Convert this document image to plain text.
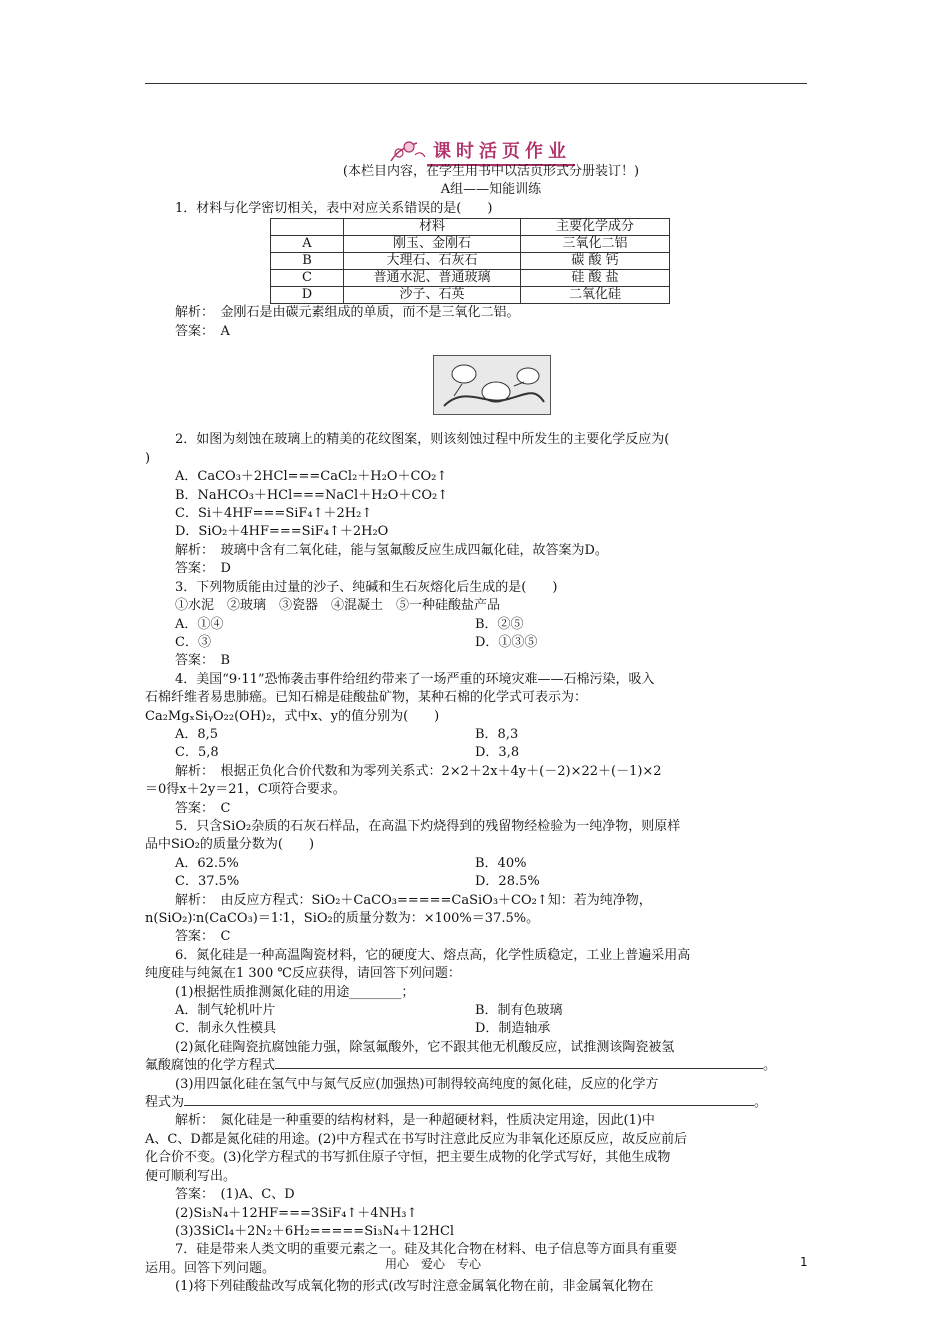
课时活页作业

(本栏目内容，在学生用书中以活页形式分册装订！)

A组——知能训练

1．材料与化学密切相关，表中对应关系错误的是(　　)

	材料	主要化学成分
A	刚玉、金刚石	三氧化二铝
B	大理石、石灰石	碳 酸 钙
C	普通水泥、普通玻璃	硅 酸 盐
D	沙子、石英	二氧化硅

解析：　金刚石是由碳元素组成的单质，而不是三氧化二铝。

答案：　A

2．如图为刻蚀在玻璃上的精美的花纹图案，则该刻蚀过程中所发生的主要化学反应为(

)

A．CaCO₃＋2HCl===CaCl₂＋H₂O＋CO₂↑

B．NaHCO₃＋HCl===NaCl＋H₂O＋CO₂↑

C．Si＋4HF===SiF₄↑＋2H₂↑

D．SiO₂＋4HF===SiF₄↑＋2H₂O

解析：　玻璃中含有二氧化硅，能与氢氟酸反应生成四氟化硅，故答案为D。

答案：　D

3．下列物质能由过量的沙子、纯碱和生石灰熔化后生成的是(　　)

①水泥　②玻璃　③瓷器　④混凝土　⑤一种硅酸盐产品

A．①④	B．②⑤

C．③	D．①③⑤

答案：　B

4．美国“9·11”恐怖袭击事件给纽约带来了一场严重的环境灾难——石棉污染，吸入

石棉纤维者易患肺癌。已知石棉是硅酸盐矿物，某种石棉的化学式可表示为：

Ca₂MgₓSiᵧO₂₂(OH)₂，式中x、y的值分别为(　　)

A．8,5	B．8,3

C．5,8	D．3,8

解析：　根据正负化合价代数和为零列关系式：2×2＋2x＋4y＋(－2)×22＋(－1)×2

＝0得x＋2y＝21，C项符合要求。

答案：　C

5．只含SiO₂杂质的石灰石样品，在高温下灼烧得到的残留物经检验为一纯净物，则原样

品中SiO₂的质量分数为(　　)

A．62.5%	B．40%

C．37.5%	D．28.5%

解析：　由反应方程式：SiO₂＋CaCO₃=====CaSiO₃＋CO₂↑知：若为纯净物，

n(SiO₂)∶n(CaCO₃)＝1∶1，SiO₂的质量分数为：×100%＝37.5%。

答案：　C

6．氮化硅是一种高温陶瓷材料，它的硬度大、熔点高，化学性质稳定，工业上普遍采用高

纯度硅与纯氮在1 300 ℃反应获得，请回答下列问题：

(1)根据性质推测氮化硅的用途________；

A．制气轮机叶片	B．制有色玻璃

C．制永久性模具	D．制造轴承

(2)氮化硅陶瓷抗腐蚀能力强，除氢氟酸外，它不跟其他无机酸反应，试推测该陶瓷被氢

氟酸腐蚀的化学方程式	。

(3)用四氯化硅在氢气中与氮气反应(加强热)可制得较高纯度的氮化硅，反应的化学方

程式为	。

解析：　氮化硅是一种重要的结构材料，是一种超硬材料，性质决定用途，因此(1)中

A、C、D都是氮化硅的用途。(2)中方程式在书写时注意此反应为非氧化还原反应，故反应前后

化合价不变。(3)化学方程式的书写抓住原子守恒，把主要生成物的化学式写好，其他生成物

便可顺利写出。

答案：　(1)A、C、D

(2)Si₃N₄＋12HF===3SiF₄↑＋4NH₃↑

(3)3SiCl₄＋2N₂＋6H₂=====Si₃N₄＋12HCl

7．硅是带来人类文明的重要元素之一。硅及其化合物在材料、电子信息等方面具有重要

运用。回答下列问题。

(1)将下列硅酸盐改写成氧化物的形式(改写时注意金属氧化物在前，非金属氧化物在

用心　爱心　专心	1
